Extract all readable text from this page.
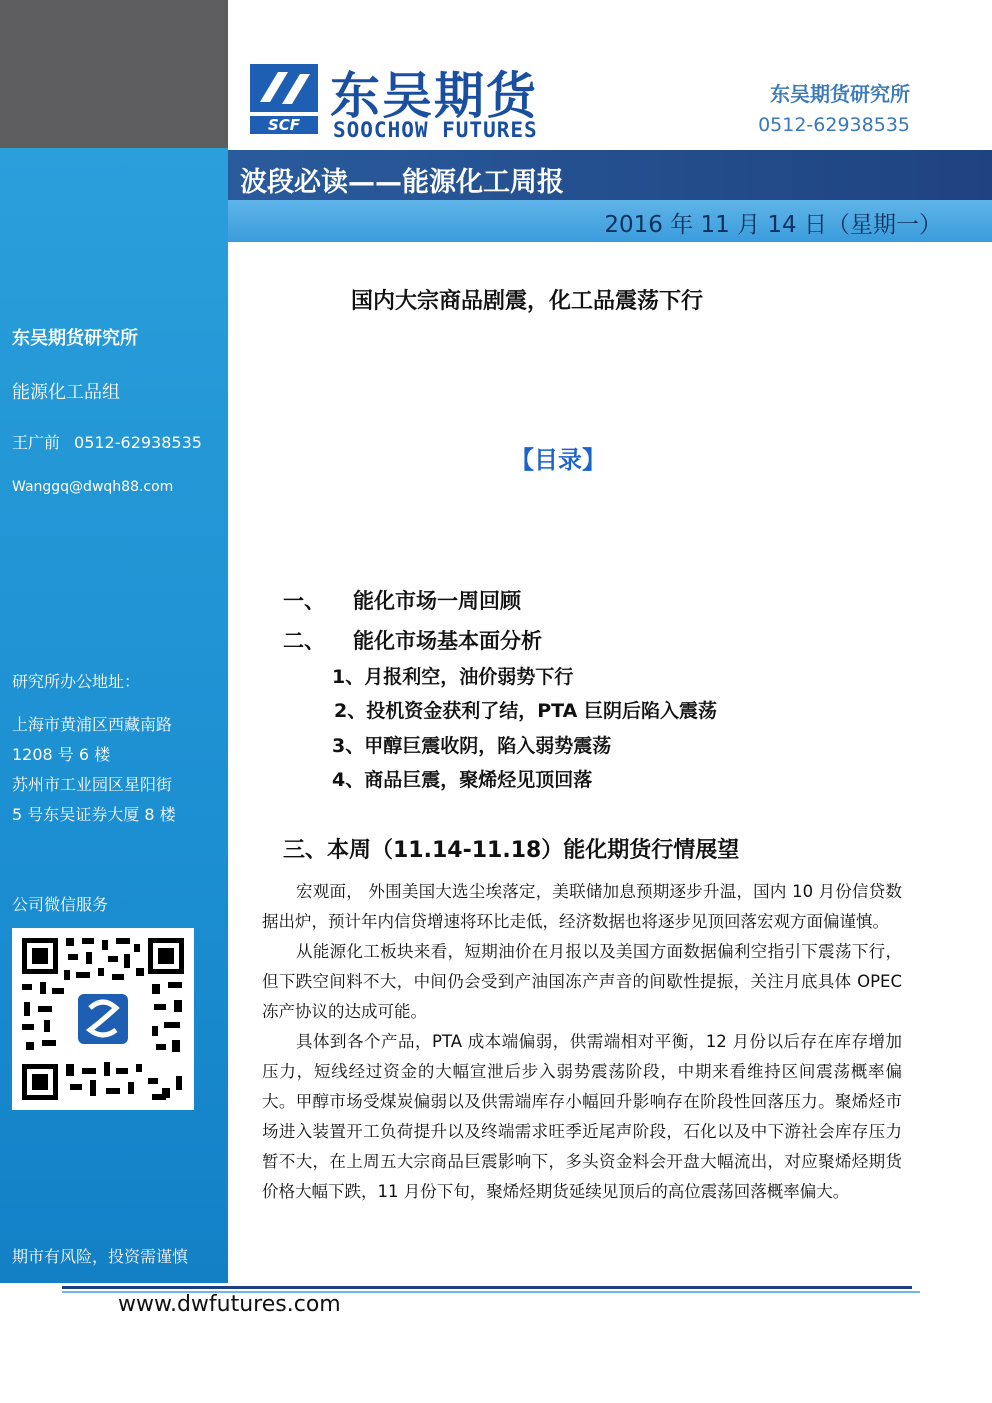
东吴期货研究所
能源化工品组
王广前 0512-62938535
Wanggq@dwqh88.com
研究所办公地址：
上海市黄浦区西藏南路
1208 号 6 楼
苏州市工业园区星阳街
5 号东吴证券大厦 8 楼
公司微信服务
期市有风险，投资需谨慎
SCF 东吴期货
SOOCHOW FUTURES
东吴期货研究所
0512-62938535
波段必读——能源化工周报
2016 年 11 月 14 日（星期一）
国内大宗商品剧震，化工品震荡下行
【目录】
一、 能化市场一周回顾
二、 能化市场基本面分析
1、月报利空，油价弱势下行
2、投机资金获利了结，PTA 巨阴后陷入震荡
3、甲醇巨震收阴，陷入弱势震荡
4、商品巨震，聚烯烃见顶回落
三、本周（11.14-11.18）能化期货行情展望

宏观面， 外围美国大选尘埃落定，美联储加息预期逐步升温，国内 10 月份信贷数据出炉，预计年内信贷增速将环比走低，经济数据也将逐步见顶回落宏观方面偏谨慎。

从能源化工板块来看，短期油价在月报以及美国方面数据偏利空指引下震荡下行，但下跌空间料不大，中间仍会受到产油国冻产声音的间歇性提振，关注月底具体 OPEC 冻产协议的达成可能。

具体到各个产品，PTA 成本端偏弱，供需端相对平衡，12 月份以后存在库存增加压力，短线经过资金的大幅宣泄后步入弱势震荡阶段，中期来看维持区间震荡概率偏大。甲醇市场受煤炭偏弱以及供需端库存小幅回升影响存在阶段性回落压力。聚烯烃市场进入装置开工负荷提升以及终端需求旺季近尾声阶段，石化以及中下游社会库存压力暂不大，在上周五大宗商品巨震影响下，多头资金料会开盘大幅流出，对应聚烯烃期货价格大幅下跌，11 月份下旬，聚烯烃期货延续见顶后的高位震荡回落概率偏大。

www.dwfutures.com
